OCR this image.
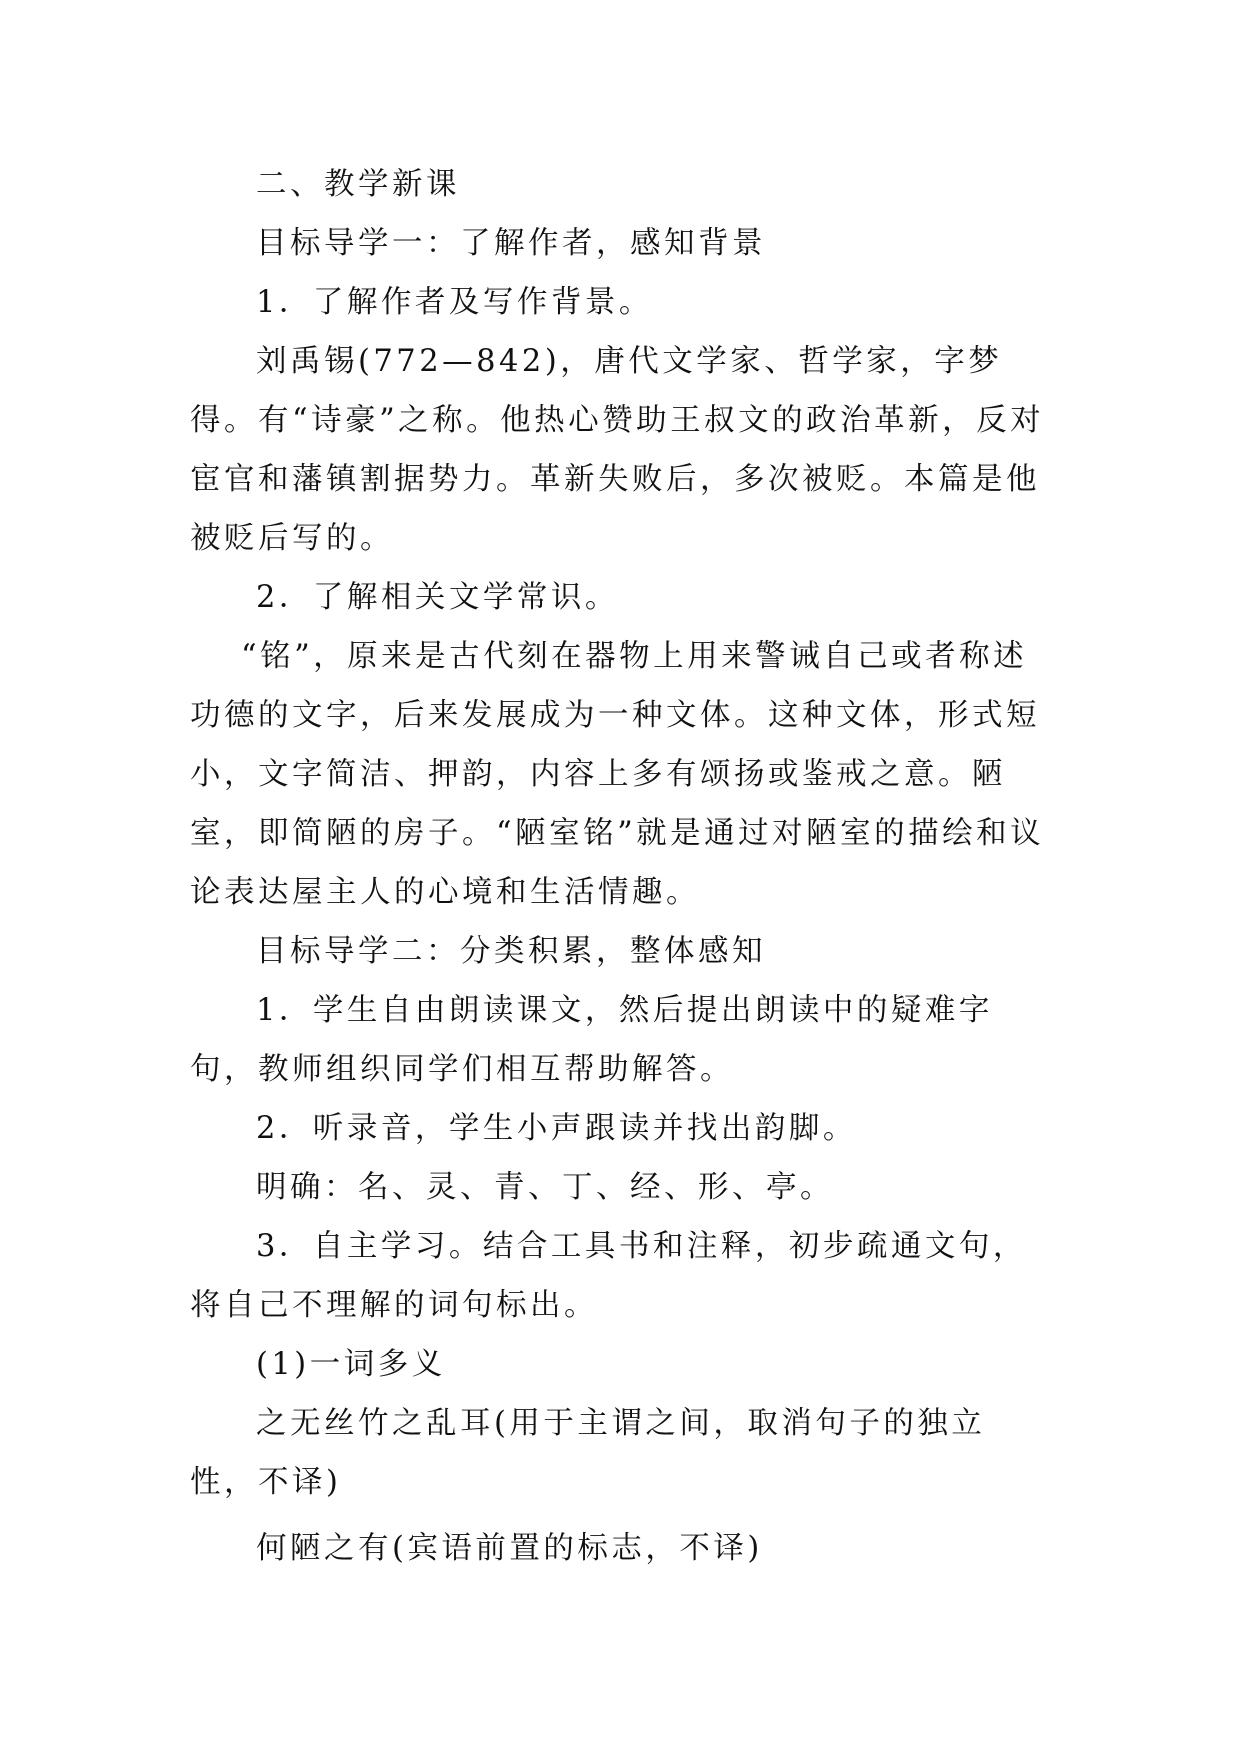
二、教学新课

目标导学一：了解作者，感知背景

1．了解作者及写作背景。

刘禹锡(772—842)，唐代文学家、哲学家，字梦得。有“诗豪”之称。他热心赞助王叔文的政治革新，反对宦官和藩镇割据势力。革新失败后，多次被贬。本篇是他被贬后写的。

2．了解相关文学常识。

“铭”，原来是古代刻在器物上用来警诫自己或者称述功德的文字，后来发展成为一种文体。这种文体，形式短小，文字简洁、押韵，内容上多有颂扬或鉴戒之意。陋室，即简陋的房子。“陋室铭”就是通过对陋室的描绘和议论表达屋主人的心境和生活情趣。

目标导学二：分类积累，整体感知

1．学生自由朗读课文，然后提出朗读中的疑难字句，教师组织同学们相互帮助解答。

2．听录音，学生小声跟读并找出韵脚。

明确：名、灵、青、丁、经、形、亭。

3．自主学习。结合工具书和注释，初步疏通文句，将自己不理解的词句标出。

(1)一词多义

之无丝竹之乱耳(用于主谓之间，取消句子的独立性，不译)

何陋之有(宾语前置的标志，不译)
